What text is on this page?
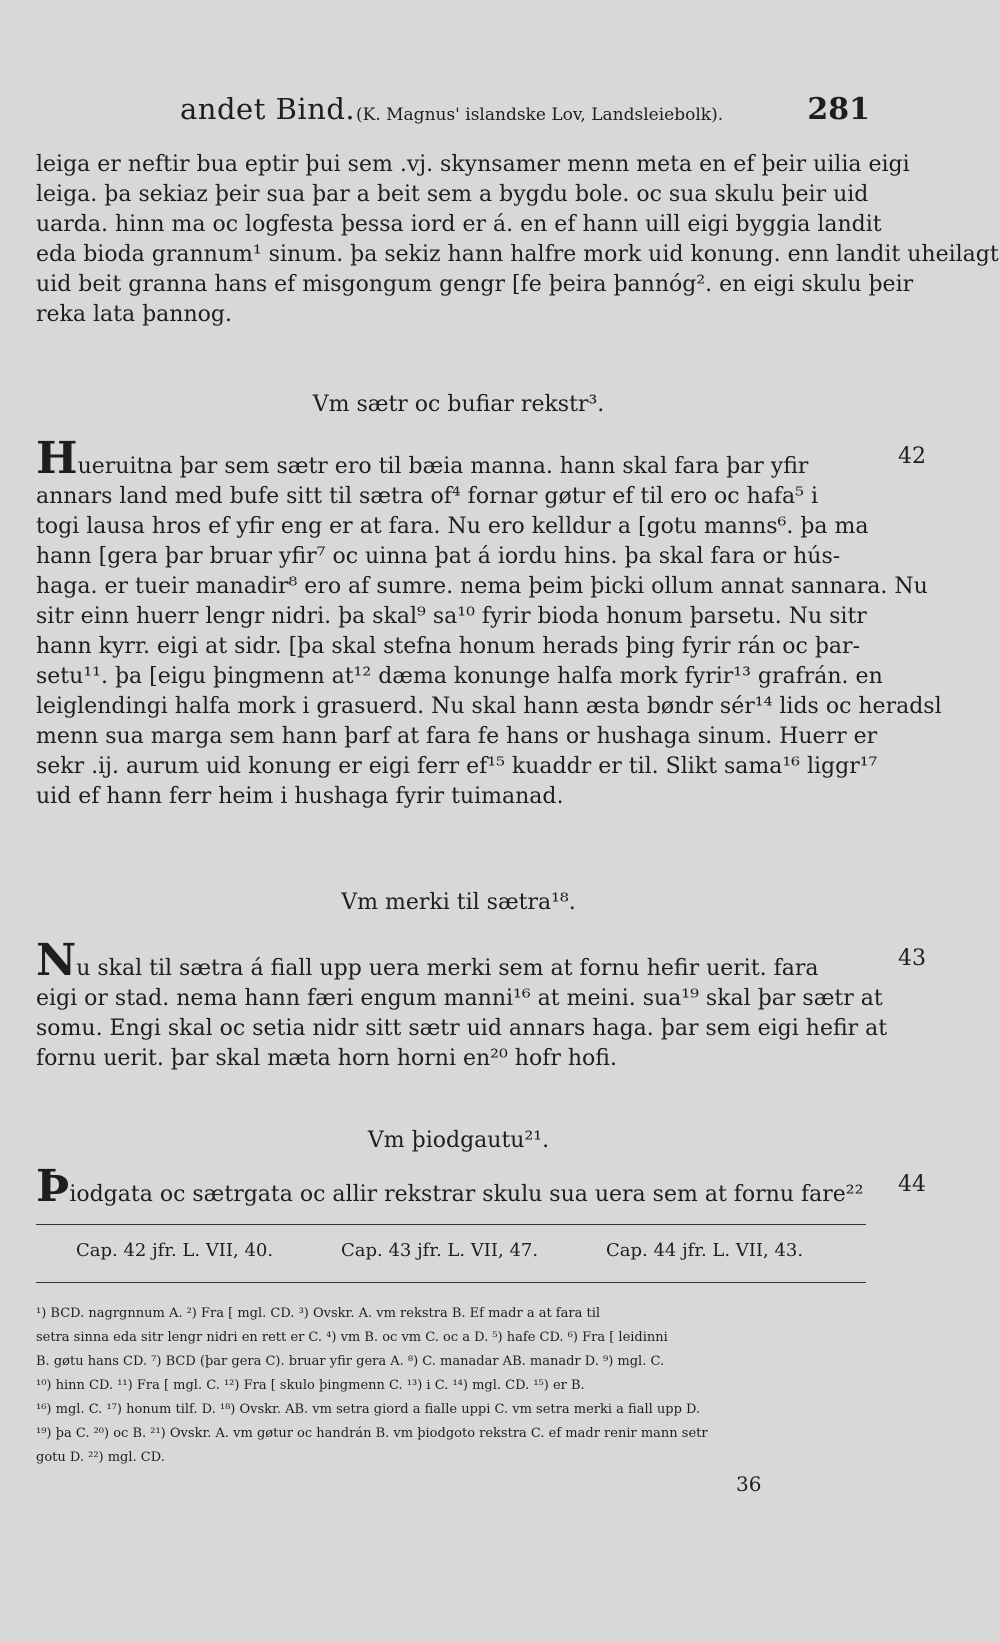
andet Bind. (K. Magnus' islandske Lov, Landsleiebolk).	281
leiga er neftir bua eptir þui sem .vj. skynsamer menn meta en ef þeir uilia eigi
leiga. þa sekiaz þeir sua þar a beit sem a bygdu bole. oc sua skulu þeir uid
uarda. hinn ma oc logfesta þessa iord er á. en ef hann uill eigi byggia landit
eda bioda grannum¹ sinum. þa sekiz hann halfre mork uid konung. enn landit uheilagt
uid beit granna hans ef misgongum gengr [fe þeira þannóg². en eigi skulu þeir
reka lata þannog.
Vm sætr oc bufiar rekstr³.
42
Hueruitna þar sem sætr ero til bæia manna. hann skal fara þar yfir
annars land med bufe sitt til sætra of⁴ fornar gøtur ef til ero oc hafa⁵ i
togi lausa hros ef yfir eng er at fara. Nu ero kelldur a [gotu manns⁶. þa ma
hann [gera þar bruar yfir⁷ oc uinna þat á iordu hins. þa skal fara or hús-
haga. er tueir manadir⁸ ero af sumre. nema þeim þicki ollum annat sannara. Nu
sitr einn huerr lengr nidri. þa skal⁹ sa¹⁰ fyrir bioda honum þarsetu. Nu sitr
hann kyrr. eigi at sidr. [þa skal stefna honum herads þing fyrir rán oc þar-
setu¹¹. þa [eigu þingmenn at¹² dæma konunge halfa mork fyrir¹³ grafrán. en
leiglendingi halfa mork i grasuerd. Nu skal hann æsta bøndr sér¹⁴ lids oc heradsl
menn sua marga sem hann þarf at fara fe hans or hushaga sinum. Huerr er
sekr .ij. aurum uid konung er eigi ferr ef¹⁵ kuaddr er til. Slikt sama¹⁶ liggr¹⁷
uid ef hann ferr heim i hushaga fyrir tuimanad.
Vm merki til sætra¹⁸.
43
Nu skal til sætra á fiall upp uera merki sem at fornu hefir uerit. fara
eigi or stad. nema hann færi engum manni¹⁶ at meini. sua¹⁹ skal þar sætr at
somu. Engi skal oc setia nidr sitt sætr uid annars haga. þar sem eigi hefir at
fornu uerit. þar skal mæta horn horni en²⁰ hofr hofi.
Vm þiodgautu²¹.
44
Þiodgata oc sætrgata oc allir rekstrar skulu sua uera sem at fornu fare²²
Cap. 42 jfr. L. VII, 40.	Cap. 43 jfr. L. VII, 47.	Cap. 44 jfr. L. VII, 43.
¹) BCD. nagrgnnum A. ²) Fra [ mgl. CD. ³) Ovskr. A. vm rekstra B. Ef madr a at fara til
setra sinna eda sitr lengr nidri en rett er C. ⁴) vm B. oc vm C. oc a D. ⁵) hafe CD. ⁶) Fra [ leidinni
B. gøtu hans CD. ⁷) BCD (þar gera C). bruar yfir gera A. ⁸) C. manadar AB. manadr D. ⁹) mgl. C.
¹⁰) hinn CD. ¹¹) Fra [ mgl. C. ¹²) Fra [ skulo þingmenn C. ¹³) i C. ¹⁴) mgl. CD. ¹⁵) er B.
¹⁶) mgl. C. ¹⁷) honum tilf. D. ¹⁸) Ovskr. AB. vm setra giord a fialle uppi C. vm setra merki a fiall upp D.
¹⁹) þa C. ²⁰) oc B. ²¹) Ovskr. A. vm gøtur oc handrán B. vm þiodgoto rekstra C. ef madr renir mann setr
gotu D. ²²) mgl. CD.
36
